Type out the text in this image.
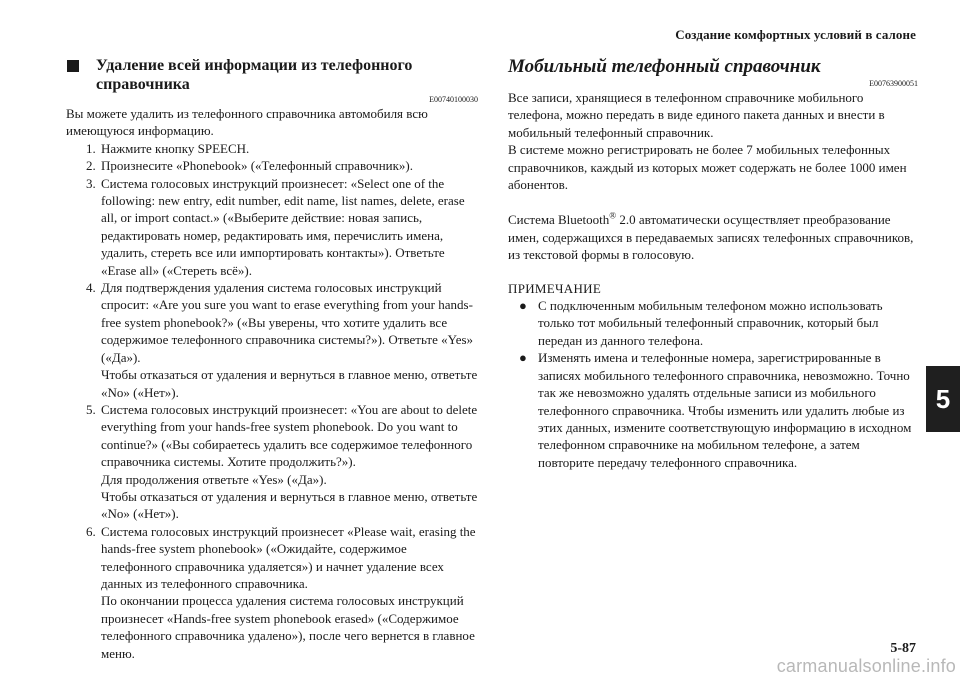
Создание комфортных условий в салоне
Удаление всей информации из телефонного справочника
E00740100030

Вы можете удалить из телефонного справочника автомобиля всю имеющуюся информацию.

1. Нажмите кнопку SPEECH.
2. Произнесите «Phonebook» («Телефонный справочник»).
3. Система голосовых инструкций произнесет: «Select one of the following: new entry, edit number, edit name, list names, delete, erase all, or import contact.» («Выберите действие: новая запись, редактировать номер, редактировать имя, перечислить имена, удалить, стереть все или импортировать контакты»). Ответьте «Erase all» («Стереть всё»).
4. Для подтверждения удаления система голосовых инструкций спросит: «Are you sure you want to erase everything from your hands-free system phonebook?» («Вы уверены, что хотите удалить все содержимое телефонного справочника системы?»). Ответьте «Yes» («Да»).
Чтобы отказаться от удаления и вернуться в главное меню, ответьте «No» («Нет»).
5. Система голосовых инструкций произнесет: «You are about to delete everything from your hands-free system phonebook. Do you want to continue?» («Вы собираетесь удалить все содержимое телефонного справочника системы. Хотите продолжить?»).
Для продолжения ответьте «Yes» («Да»).
Чтобы отказаться от удаления и вернуться в главное меню, ответьте «No» («Нет»).
6. Система голосовых инструкций произнесет «Please wait, erasing the hands-free system phonebook» («Ожидайте, содержимое телефонного справочника удаляется») и начнет удаление всех данных из телефонного справочника.
По окончании процесса удаления система голосовых инструкций произнесет «Hands-free system phonebook erased» («Содержимое телефонного справочника удалено»), после чего вернется в главное меню.
Мобильный телефонный справочник
E00763900051

Все записи, хранящиеся в телефонном справочнике мобильного телефона, можно передать в виде единого пакета данных и внести в мобильный телефонный справочник.

В системе можно регистрировать не более 7 мобильных телефонных справочников, каждый из которых может содержать не более 1000 имен абонентов.

Система Bluetooth® 2.0 автоматически осуществляет преобразование имен, содержащихся в передаваемых записях телефонных справочников, из текстовой формы в голосовую.

ПРИМЕЧАНИЕ
● С подключенным мобильным телефоном можно использовать только тот мобильный телефонный справочник, который был передан из данного телефона.
● Изменять имена и телефонные номера, зарегистрированные в записях мобильного телефонного справочника, невозможно. Точно так же невозможно удалять отдельные записи из мобильного телефонного справочника. Чтобы изменить или удалить любые из этих данных, измените соответствующую информацию в исходном телефонном справочнике на мобильном телефоне, а затем повторите передачу телефонного справочника.
5
5-87
carmanualsonline.info
